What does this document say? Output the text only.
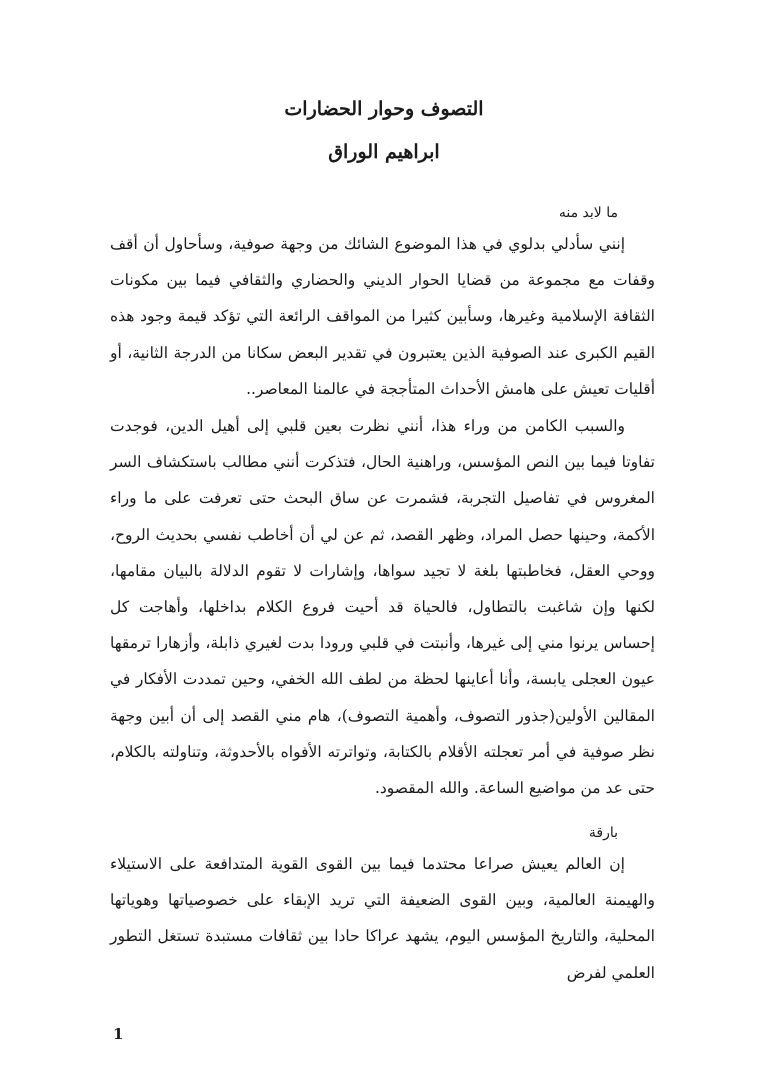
التصوف وحوار الحضارات
ابراهيم الوراق
ما لابد منه
إنني سأدلي بدلوي في هذا الموضوع الشائك من وجهة صوفية، وسأحاول أن أقف وقفات مع مجموعة من قضايا الحوار الديني والحضاري والثقافي فيما بين مكونات الثقافة الإسلامية وغيرها، وسأبين كثيرا من المواقف الرائعة التي تؤكد قيمة وجود هذه القيم الكبرى عند الصوفية الذين يعتبرون في تقدير البعض سكانا من الدرجة الثانية، أو أقليات تعيش على هامش الأحداث المتأججة في عالمنا المعاصر..
والسبب الكامن من وراء هذا، أنني نظرت بعين قلبي إلى أهيل الدين، فوجدت تفاوتا فيما بين النص المؤسس، وراهنية الحال، فتذكرت أنني مطالب باستكشاف السر المغروس في تفاصيل التجربة، فشمرت عن ساق البحث حتى تعرفت على ما وراء الأكمة، وحينها حصل المراد، وظهر القصد، ثم عن لي أن أخاطب نفسي بحديث الروح، ووحي العقل، فخاطبتها بلغة لا تجيد سواها، وإشارات لا تقوم الدلالة بالبيان مقامها، لكنها وإن شاغبت بالتطاول، فالحياة قد أحيت فروع الكلام بداخلها، وأهاجت كل إحساس يرنوا مني إلى غيرها، وأنبتت في قلبي ورودا بدت لغيري ذابلة، وأزهارا ترمقها عيون العجلى يابسة، وأنا أعاينها لحظة من لطف الله الخفي، وحين تمددت الأفكار في المقالين الأولين(جذور التصوف، وأهمية التصوف)، هام مني القصد إلى أن أبين وجهة نظر صوفية في أمر تعجلته الأقلام بالكتابة، وتواترته الأفواه بالأحدوثة، وتناولته بالكلام، حتى عد من مواضيع الساعة. والله المقصود.
بارقة
إن العالم يعيش صراعا محتدما فيما بين القوى القوية المتدافعة على الاستيلاء والهيمنة العالمية، وبين القوى الضعيفة التي تريد الإبقاء على خصوصياتها وهوياتها المحلية، والتاريخ المؤسس اليوم، يشهد عراكا حادا بين ثقافات مستبدة تستغل التطور العلمي لفرض
1
